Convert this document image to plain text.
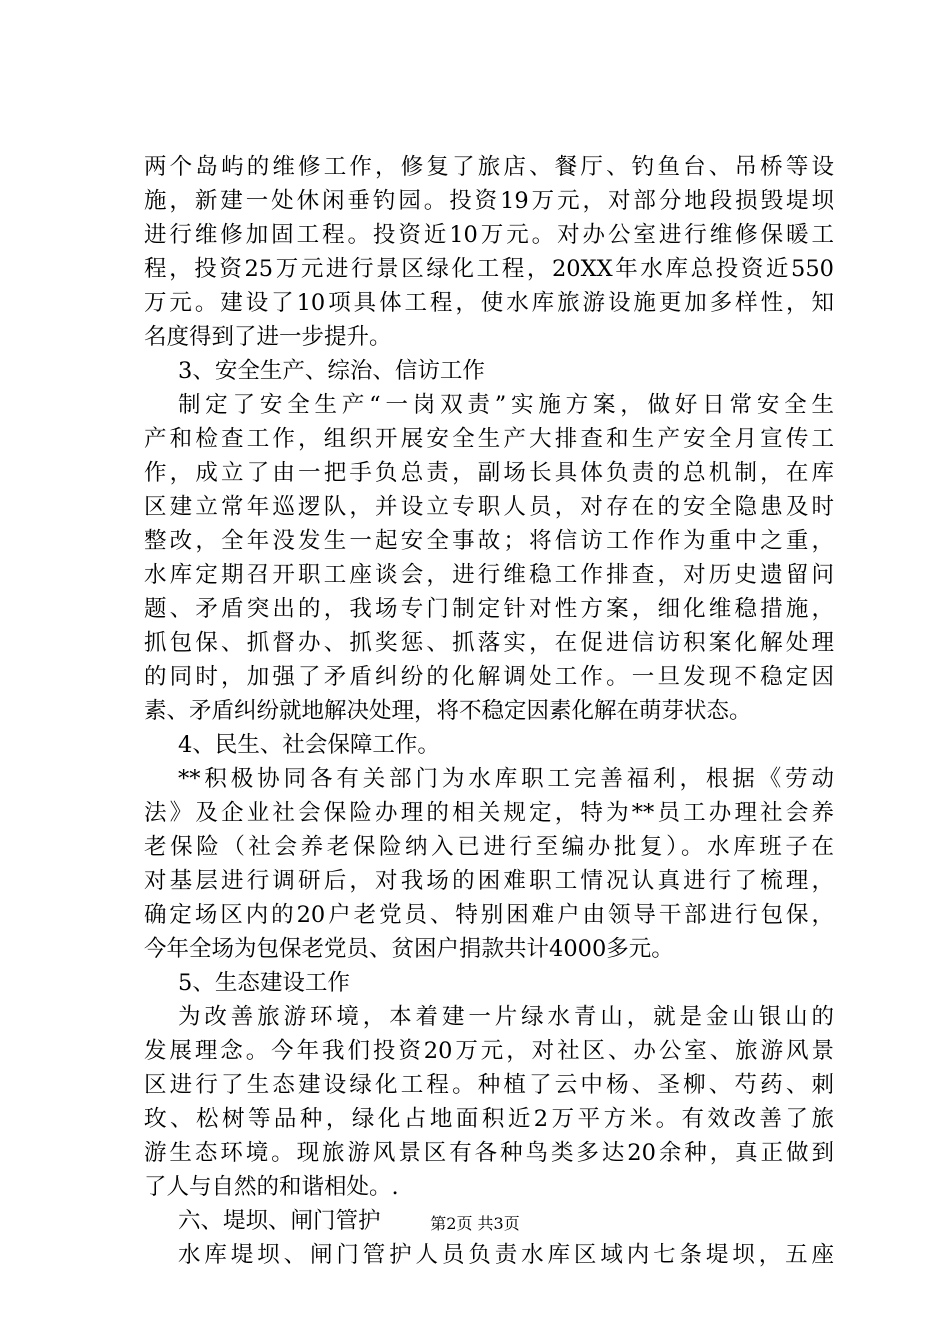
两个岛屿的维修工作，修复了旅店、餐厅、钓鱼台、吊桥等设
施，新建一处休闲垂钓园。投资19万元，对部分地段损毁堤坝
进行维修加固工程。投资近10万元。对办公室进行维修保暖工
程，投资25万元进行景区绿化工程，20XX年水库总投资近550
万元。建设了10项具体工程，使水库旅游设施更加多样性，知
名度得到了进一步提升。
3、安全生产、综治、信访工作
制定了安全生产“一岗双责”实施方案，做好日常安全生
产和检查工作，组织开展安全生产大排查和生产安全月宣传工
作，成立了由一把手负总责，副场长具体负责的总机制，在库
区建立常年巡逻队，并设立专职人员，对存在的安全隐患及时
整改，全年没发生一起安全事故；将信访工作作为重中之重，
水库定期召开职工座谈会，进行维稳工作排查，对历史遗留问
题、矛盾突出的，我场专门制定针对性方案，细化维稳措施，
抓包保、抓督办、抓奖惩、抓落实，在促进信访积案化解处理
的同时，加强了矛盾纠纷的化解调处工作。一旦发现不稳定因
素、矛盾纠纷就地解决处理，将不稳定因素化解在萌芽状态。
4、民生、社会保障工作。
**积极协同各有关部门为水库职工完善福利，根据《劳动
法》及企业社会保险办理的相关规定，特为**员工办理社会养
老保险（社会养老保险纳入已进行至编办批复）。水库班子在
对基层进行调研后，对我场的困难职工情况认真进行了梳理，
确定场区内的20户老党员、特别困难户由领导干部进行包保，
今年全场为包保老党员、贫困户捐款共计4000多元。
5、生态建设工作
为改善旅游环境，本着建一片绿水青山，就是金山银山的
发展理念。今年我们投资20万元，对社区、办公室、旅游风景
区进行了生态建设绿化工程。种植了云中杨、圣柳、芍药、刺
玫、松树等品种，绿化占地面积近2万平方米。有效改善了旅
游生态环境。现旅游风景区有各种鸟类多达20余种，真正做到
了人与自然的和谐相处。.
六、堤坝、闸门管护
水库堤坝、闸门管护人员负责水库区域内七条堤坝，五座
第2页 共3页
